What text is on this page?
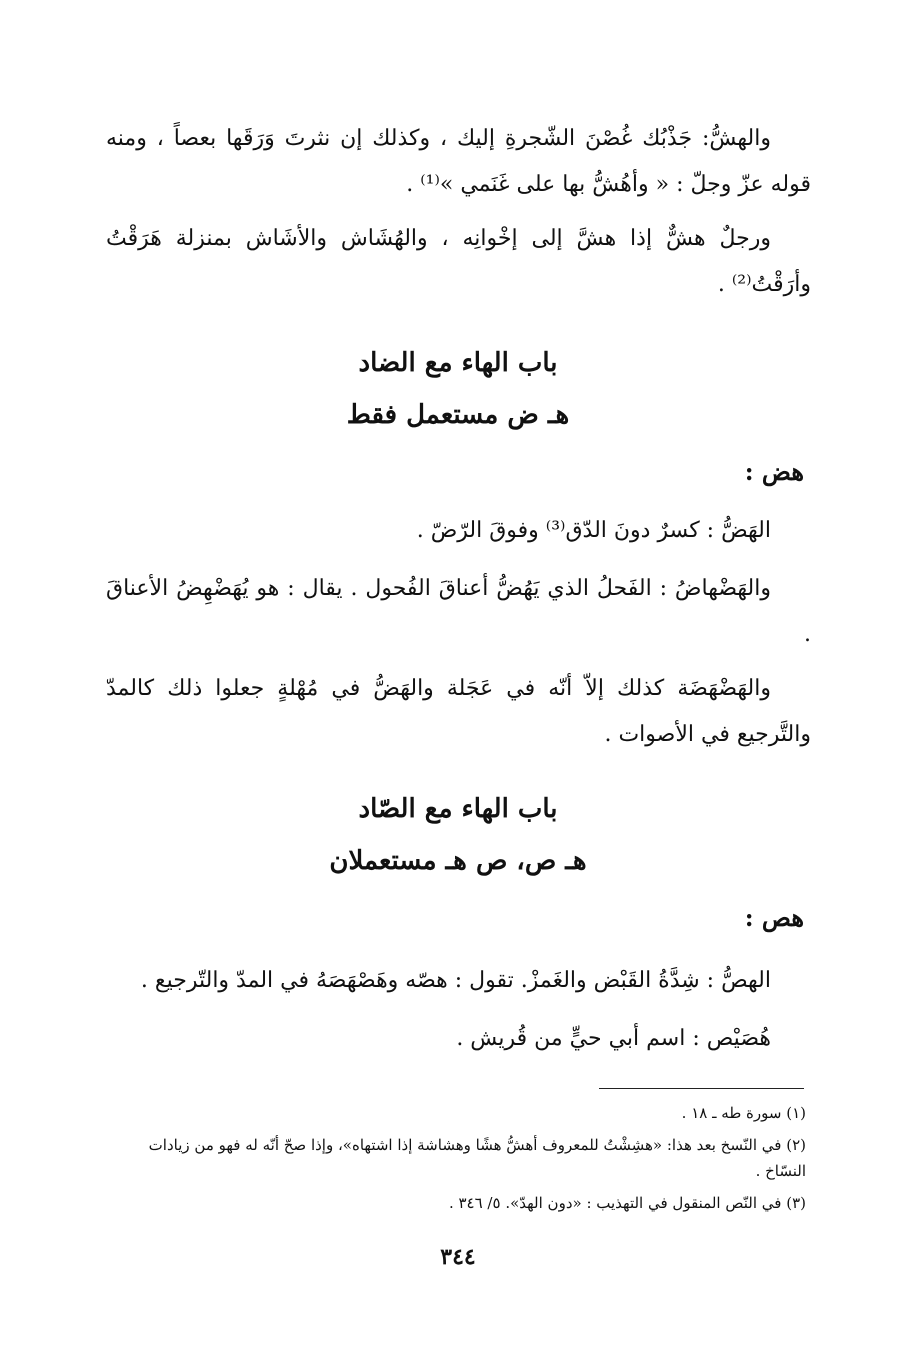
والهشُّ: جَذْبُك غُصْنَ الشّجرةِ إليك ، وكذلك إن نثرتَ وَرَقَها بعصاً ، ومنه قوله عزّ وجلّ : « وأهُشُّ بها على غَنَمي »⁽¹⁾ .

ورجلٌ هشٌّ إذا هشَّ إلى إخْوانِه ، والهُشَاش والأشَاش بمنزلة هَرَقْتُ وأرَقْتُ⁽²⁾ .

باب الهاء مع الضاد
هـ ض مستعمل فقط
هض :

الهَضُّ : كسرٌ دونَ الدّق⁽³⁾ وفوقَ الرّضّ .

والهَضْهاضُ : الفَحلُ الذي يَهُضُّ أعناقَ الفُحول . يقال : هو يُهَضْهِضُ الأعناقَ .

والهَضْهَضَة كذلك إلاّ أنّه في عَجَلة والهَضُّ في مُهْلةٍ جعلوا ذلك كالمدّ والتَّرجيع في الأصوات .

باب الهاء مع الصّاد
هـ ص، ص هـ مستعملان
هص :

الهصُّ : شِدَّةُ القَبْض والغَمزْ. تقول : هصّه وهَصْهَصَهُ في المدّ والتّرجيع .

هُصَيْص : اسم أبي حيٍّ من قُريش .

(١) سورة طه ـ ١٨ .

(٢) في النّسخ بعد هذا: «هشِشْتُ للمعروف أهشُّ هشًا وهشاشة إذا اشتهاه»، وإذا صحّ أنّه له فهو من زيادات النسّاخ .

(٣) في النّص المنقول في التهذيب : «دون الهدّ». ٥/ ٣٤٦ .

٣٤٤
